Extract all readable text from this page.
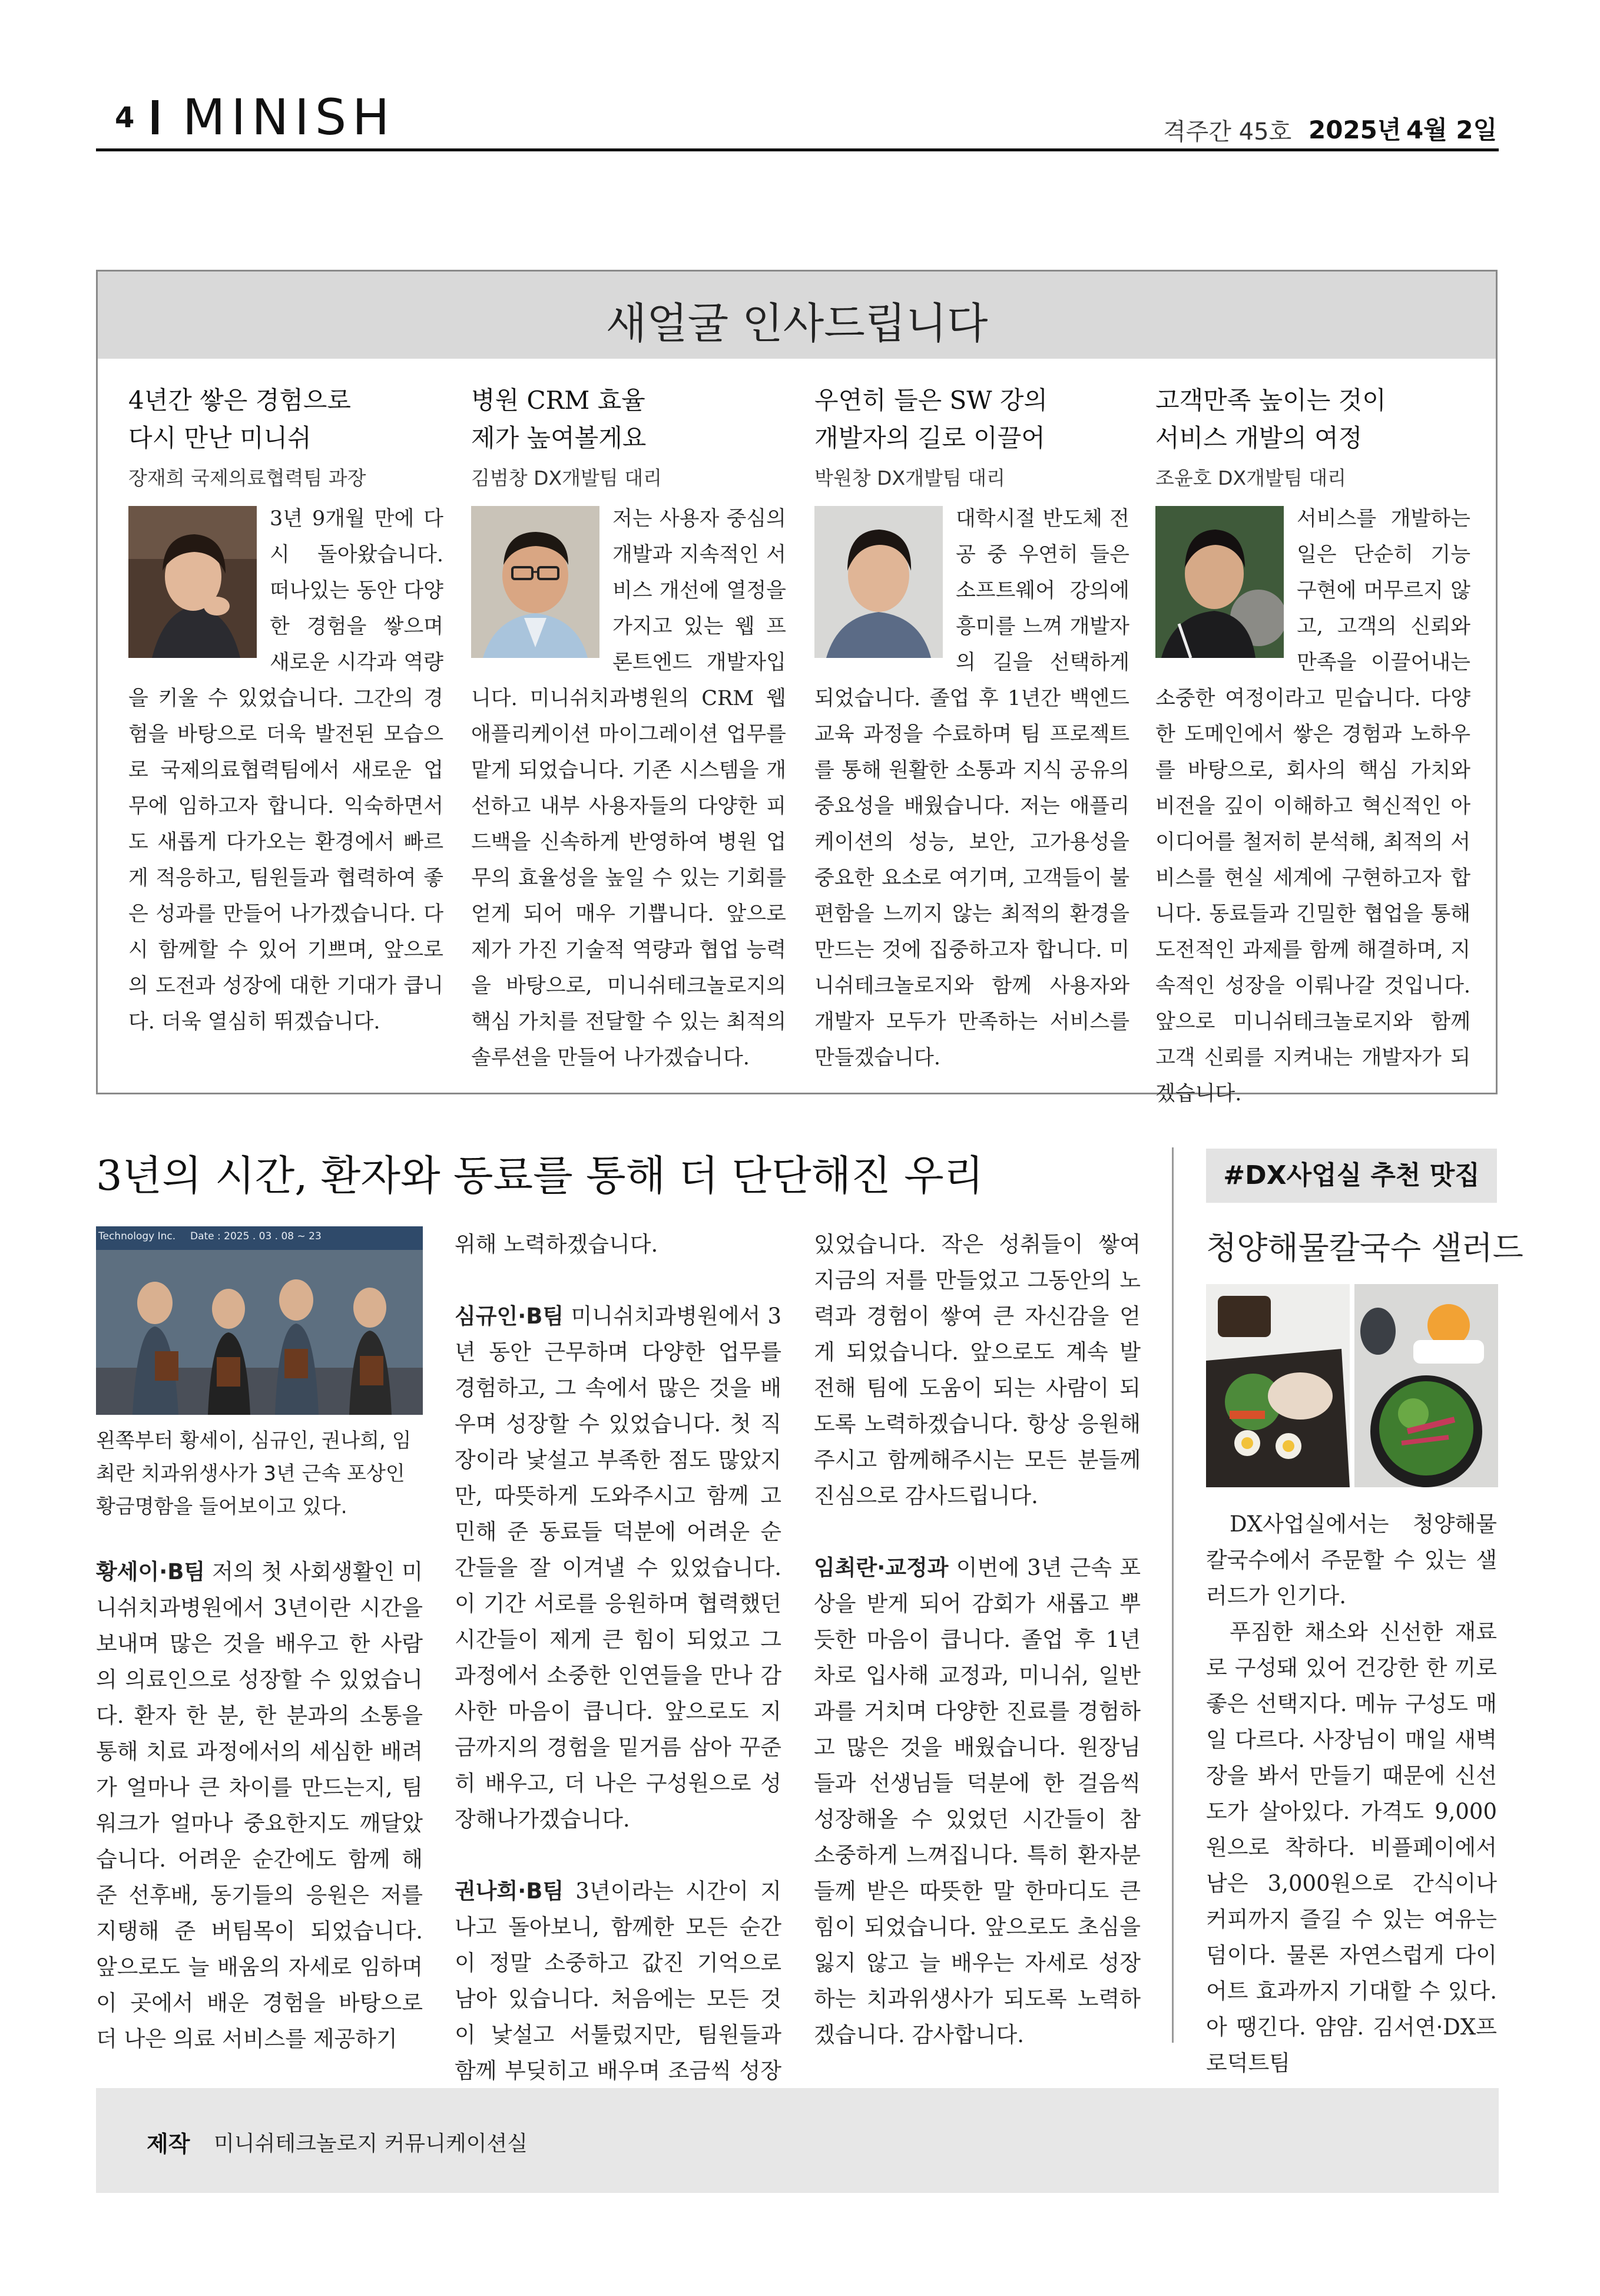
4 MINISH	격주간 45호 2025년 4월 2일
새얼굴 인사드립니다
4년간 쌓은 경험으로
다시 만난 미니쉬
장재희 국제의료협력팀 과장
3년 9개월 만에 다시 돌아왔습니다. 떠나있는 동안 다양한 경험을 쌓으며 새로운 시각과 역량을 키울 수 있었습니다. 그간의 경험을 바탕으로 더욱 발전된 모습으로 국제의료협력팀에서 새로운 업무에 임하고자 합니다. 익숙하면서도 새롭게 다가오는 환경에서 빠르게 적응하고, 팀원들과 협력하여 좋은 성과를 만들어 나가겠습니다. 다시 함께할 수 있어 기쁘며, 앞으로의 도전과 성장에 대한 기대가 큽니다. 더욱 열심히 뛰겠습니다.
병원 CRM 효율
제가 높여볼게요
김범창 DX개발팀 대리
저는 사용자 중심의 개발과 지속적인 서비스 개선에 열정을 가지고 있는 웹 프론트엔드 개발자입니다. 미니쉬치과병원의 CRM 웹 애플리케이션 마이그레이션 업무를 맡게 되었습니다. 기존 시스템을 개선하고 내부 사용자들의 다양한 피드백을 신속하게 반영하여 병원 업무의 효율성을 높일 수 있는 기회를 얻게 되어 매우 기쁩니다. 앞으로 제가 가진 기술적 역량과 협업 능력을 바탕으로, 미니쉬테크놀로지의 핵심 가치를 전달할 수 있는 최적의 솔루션을 만들어 나가겠습니다.
우연히 들은 SW 강의
개발자의 길로 이끌어
박원창 DX개발팀 대리
대학시절 반도체 전공 중 우연히 들은 소프트웨어 강의에 흥미를 느껴 개발자의 길을 선택하게 되었습니다. 졸업 후 1년간 백엔드 교육 과정을 수료하며 팀 프로젝트를 통해 원활한 소통과 지식 공유의 중요성을 배웠습니다. 저는 애플리케이션의 성능, 보안, 고가용성을 중요한 요소로 여기며, 고객들이 불편함을 느끼지 않는 최적의 환경을 만드는 것에 집중하고자 합니다. 미니쉬테크놀로지와 함께 사용자와 개발자 모두가 만족하는 서비스를 만들겠습니다.
고객만족 높이는 것이
서비스 개발의 여정
조윤호 DX개발팀 대리
서비스를 개발하는 일은 단순히 기능 구현에 머무르지 않고, 고객의 신뢰와 만족을 이끌어내는 소중한 여정이라고 믿습니다. 다양한 도메인에서 쌓은 경험과 노하우를 바탕으로, 회사의 핵심 가치와 비전을 깊이 이해하고 혁신적인 아이디어를 철저히 분석해, 최적의 서비스를 현실 세계에 구현하고자 합니다. 동료들과 긴밀한 협업을 통해 도전적인 과제를 함께 해결하며, 지속적인 성장을 이뤄나갈 것입니다. 앞으로 미니쉬테크놀로지와 함께 고객 신뢰를 지켜내는 개발자가 되겠습니다.
3년의 시간, 환자와 동료를 통해 더 단단해진 우리
Technology Inc. Date : 2025 . 03 . 08 ~ 23
왼쪽부터 황세이, 심규인, 권나희, 임최란 치과위생사가 3년 근속 포상인 황금명함을 들어보이고 있다.

황세이·B팀 저의 첫 사회생활인 미니쉬치과병원에서 3년이란 시간을 보내며 많은 것을 배우고 한 사람의 의료인으로 성장할 수 있었습니다. 환자 한 분, 한 분과의 소통을 통해 치료 과정에서의 세심한 배려가 얼마나 큰 차이를 만드는지, 팀워크가 얼마나 중요한지도 깨달았습니다. 어려운 순간에도 함께 해 준 선후배, 동기들의 응원은 저를 지탱해 준 버팀목이 되었습니다. 앞으로도 늘 배움의 자세로 임하며 이 곳에서 배운 경험을 바탕으로 더 나은 의료 서비스를 제공하기

위해 노력하겠습니다.

심규인·B팀 미니쉬치과병원에서 3년 동안 근무하며 다양한 업무를 경험하고, 그 속에서 많은 것을 배우며 성장할 수 있었습니다. 첫 직장이라 낯설고 부족한 점도 많았지만, 따뜻하게 도와주시고 함께 고민해 준 동료들 덕분에 어려운 순간들을 잘 이겨낼 수 있었습니다. 이 기간 서로를 응원하며 협력했던 시간들이 제게 큰 힘이 되었고 그 과정에서 소중한 인연들을 만나 감사한 마음이 큽니다. 앞으로도 지금까지의 경험을 밑거름 삼아 꾸준히 배우고, 더 나은 구성원으로 성장해나가겠습니다.

권나희·B팀 3년이라는 시간이 지나고 돌아보니, 함께한 모든 순간이 정말 소중하고 값진 기억으로 남아 있습니다. 처음에는 모든 것이 낯설고 서툴렀지만, 팀원들과 함께 부딪히고 배우며 조금씩 성장

있었습니다. 작은 성취들이 쌓여 지금의 저를 만들었고 그동안의 노력과 경험이 쌓여 큰 자신감을 얻게 되었습니다. 앞으로도 계속 발전해 팀에 도움이 되는 사람이 되도록 노력하겠습니다. 항상 응원해주시고 함께해주시는 모든 분들께 진심으로 감사드립니다.

임최란·교정과 이번에 3년 근속 포상을 받게 되어 감회가 새롭고 뿌듯한 마음이 큽니다. 졸업 후 1년차로 입사해 교정과, 미니쉬, 일반과를 거치며 다양한 진료를 경험하고 많은 것을 배웠습니다. 원장님들과 선생님들 덕분에 한 걸음씩 성장해올 수 있었던 시간들이 참 소중하게 느껴집니다. 특히 환자분들께 받은 따뜻한 말 한마디도 큰 힘이 되었습니다. 앞으로도 초심을 잃지 않고 늘 배우는 자세로 성장하는 치과위생사가 되도록 노력하겠습니다. 감사합니다.

#DX사업실 추천 맛집
청양해물칼국수 샐러드

DX사업실에서는 청양해물칼국수에서 주문할 수 있는 샐러드가 인기다.

푸짐한 채소와 신선한 재료로 구성돼 있어 건강한 한 끼로 좋은 선택지다. 메뉴 구성도 매일 다르다. 사장님이 매일 새벽 장을 봐서 만들기 때문에 신선도가 살아있다. 가격도 9,000원으로 착하다. 비플페이에서 남은 3,000원으로 간식이나 커피까지 즐길 수 있는 여유는 덤이다. 물론 자연스럽게 다이어트 효과까지 기대할 수 있다. 아 땡긴다. 얌얌. 김서연·DX프로덕트팀

제작 미니쉬테크놀로지 커뮤니케이션실
